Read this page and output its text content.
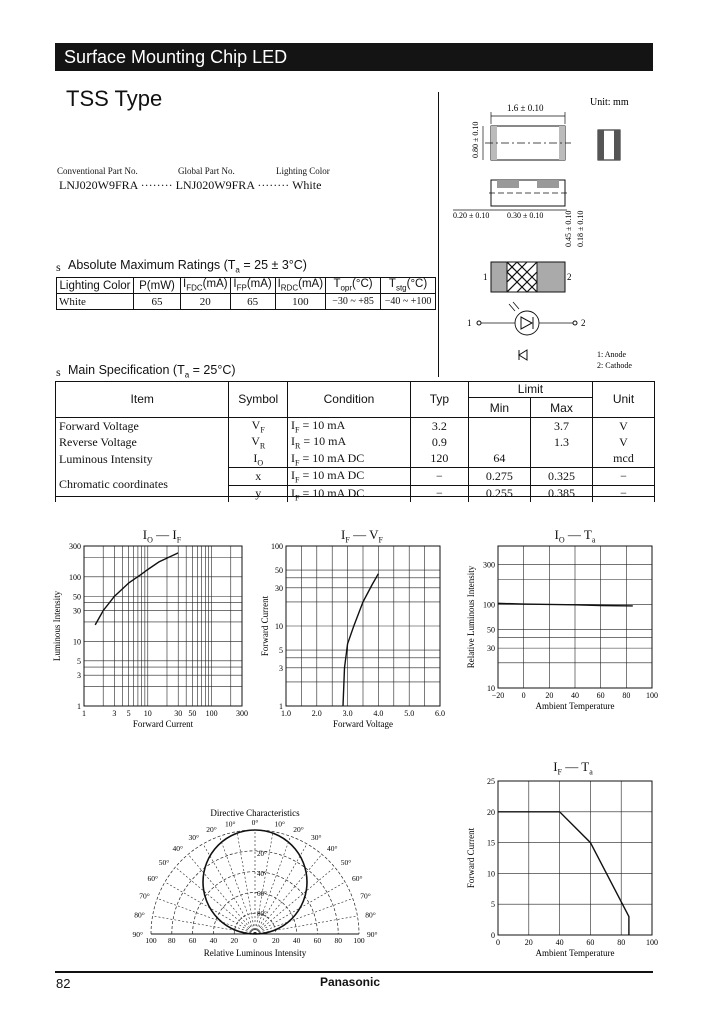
Surface Mounting Chip LED
TSS Type
Conventional Part No.	Global Part No.	Lighting Color
LNJ020W9FRA ········ LNJ020W9FRA ········ White
s Absolute Maximum Ratings $(T_a = 25 \pm 3^\circ C)$
Lighting Color	P(mW)	$I_{FDC}(mA)$	$I_{FP}(mA)$	$I_{RDC}(mA)$	$T_{opr}(^\circ C)$	$T_{stg}(^\circ C)$
White	65	20	65	100	−30 ~ +85	−40 ~ +100
Unit: mm
1.6 ± 0.10
0.80 ± 0.10
0.20 ± 0.10 0.30 ± 0.10	0.45 ± 0.10 0.18 ± 0.10
1	2
1	2
1: Anode
2: Cathode
s Main Specification $(T_a = 25^\circ C)$
Item	Symbol	Condition	Typ	Limit		Unit
				Min	Max	
Forward Voltage	$V_F$	$I_F = 10$ mA	3.2		3.7	V
Reverse Voltage	$V_R$	$I_R = 10$ mA	0.9		1.3	V
Luminous Intensity	$I_O$	$I_F = 10$ mA DC	120	64		mcd
Chromatic coordinates	x	$I_F = 10$ mA DC	−	0.275	0.325	−
	y	$I_F = 10$ mA DC	−	0.255	0.385	−
$I_O$ — $I_F$	$I_F$ — $V_F$	$I_O$ — $T_a$
$I_F$ — $T_a$
1	3 5 10	30 50 100 300
1
3
5
10
30
50
100
300
Forward Current
Luminous Intensity
1.0	2.0	3.0	4.0	5.0	6.0
1
3
5
10
30
50
100
Forward Voltage
Forward Current
−20 0 20 40 60 80 100
10
30
50
100
300
Ambient Temperature
Relative Luminous Intensity
0	20	40	60	80	100
0
5
10
15
20
25
Ambient Temperature
Forward Current
Directive Characteristics
90°	90°
80°	80°
70°	70°
60°	60°
50°	50°
40°	40°
30°	30°
20°	20°
10°	10°
0°
80°
60°
40°
20°
100 80 60 40 20 0 20 40 60 80 100
Relative Luminous Intensity
82	Panasonic
